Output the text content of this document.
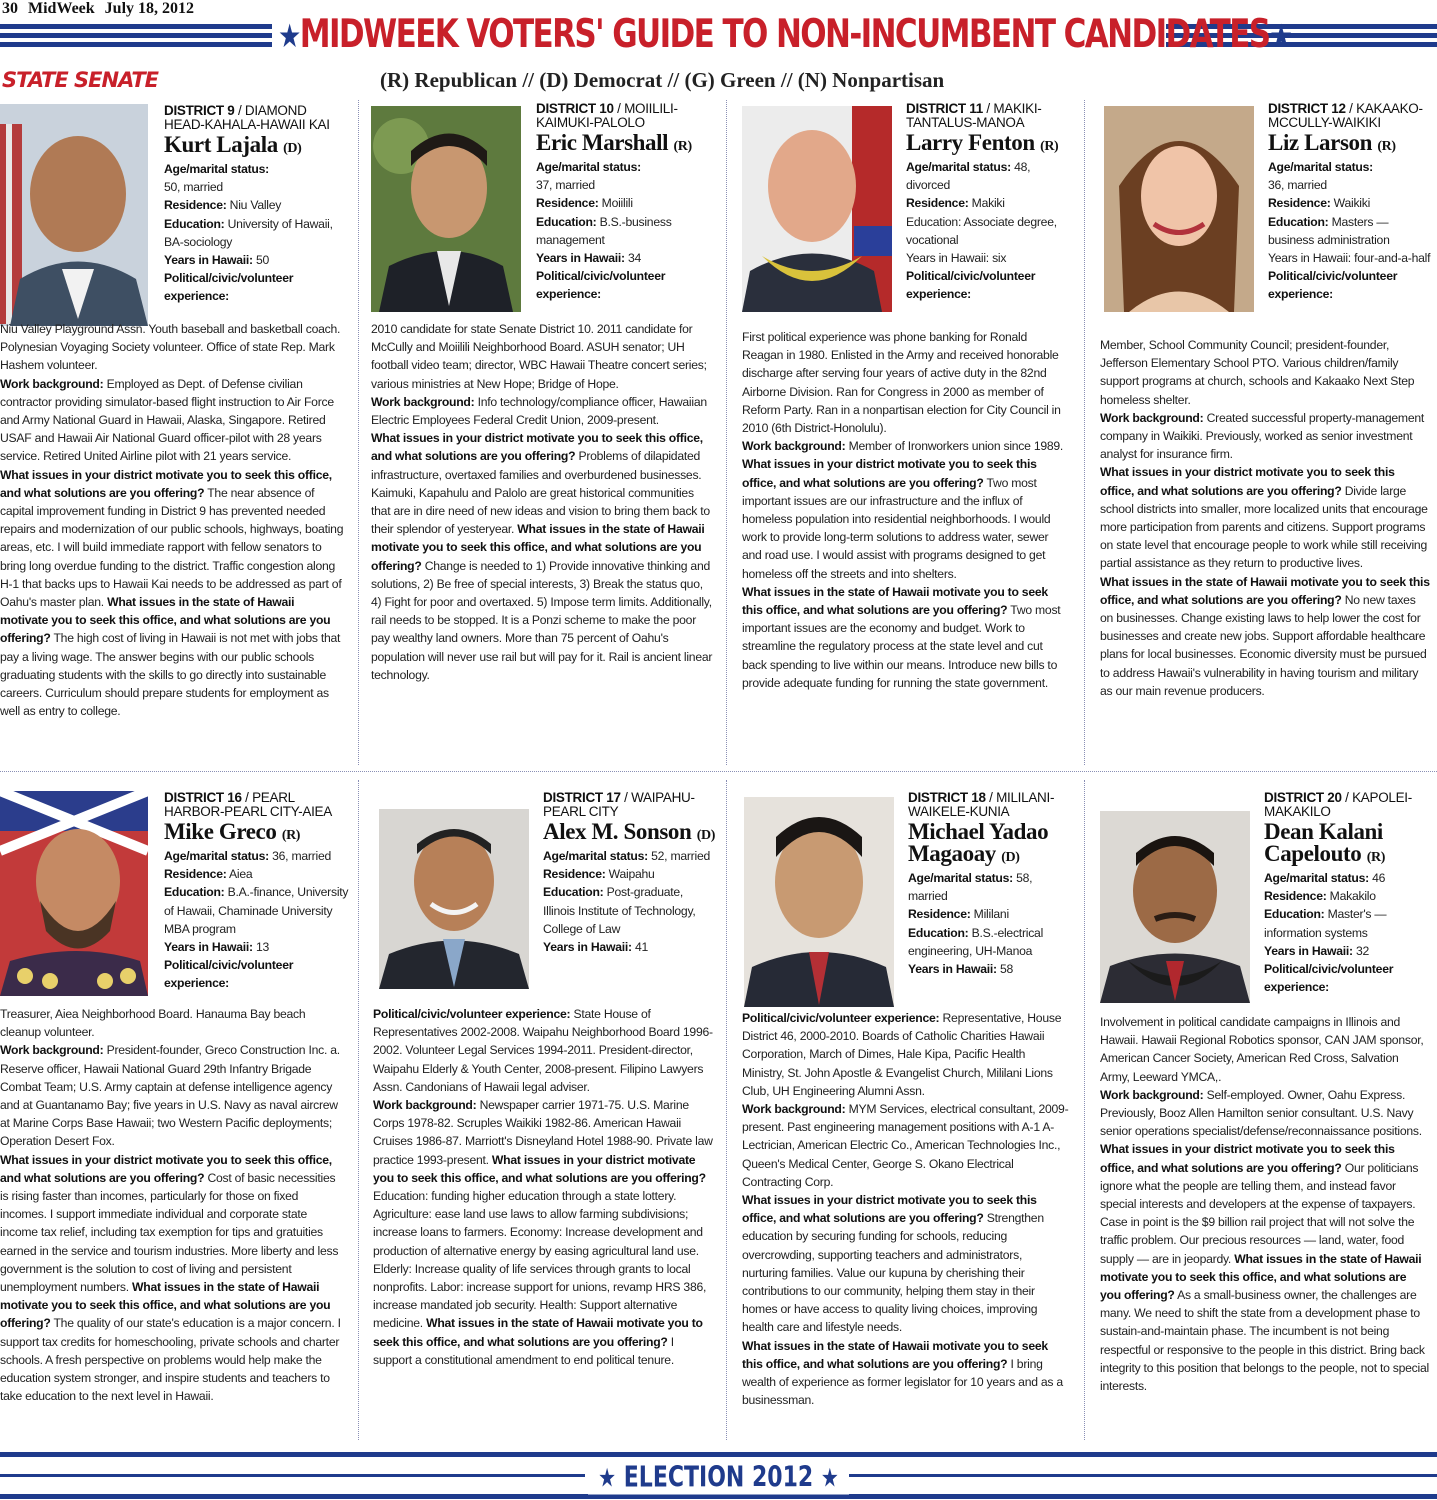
30 MidWeek July 18, 2012
★MIDWEEK VOTERS' GUIDE TO NON-INCUMBENT CANDIDATES★
STATE SENATE	(R) Republican // (D) Democrat // (G) Green // (N) Nonpartisan
DISTRICT 9 / DIAMOND HEAD-KAHALA-HAWAII KAI
Kurt Lajala (D)
Age/marital status:
50, married
Residence: Niu Valley
Education: University of Hawaii, BA-sociology
Years in Hawaii: 50
Political/civic/volunteer experience:
Niu Valley Playground Assn. Youth baseball and basketball coach. Polynesian Voyaging Society volunteer. Office of state Rep. Mark Hashem volunteer.
Work background: Employed as Dept. of Defense civilian contractor providing simulator-based flight instruction to Air Force and Army National Guard in Hawaii, Alaska, Singapore. Retired USAF and Hawaii Air National Guard officer-pilot with 28 years service. Retired United Airline pilot with 21 years service.
What issues in your district motivate you to seek this office, and what solutions are you offering? The near absence of capital improvement funding in District 9 has prevented needed repairs and modernization of our public schools, highways, boating areas, etc. I will build immediate rapport with fellow senators to bring long overdue funding to the district. Traffic congestion along H-1 that backs ups to Hawaii Kai needs to be addressed as part of Oahu's master plan. What issues in the state of Hawaii motivate you to seek this office, and what solutions are you offering? The high cost of living in Hawaii is not met with jobs that pay a living wage. The answer begins with our public schools graduating students with the skills to go directly into sustainable careers. Curriculum should prepare students for employment as well as entry to college.
DISTRICT 10 / MOIILILI-KAIMUKI-PALOLO
Eric Marshall (R)
Age/marital status:
37, married
Residence: Moiilili
Education: B.S.-business management
Years in Hawaii: 34
Political/civic/volunteer experience:
2010 candidate for state Senate District 10. 2011 candidate for McCully and Moiilili Neighborhood Board. ASUH senator; UH football video team; director, WBC Hawaii Theatre concert series; various ministries at New Hope; Bridge of Hope.
Work background: Info technology/compliance officer, Hawaiian Electric Employees Federal Credit Union, 2009-present.
What issues in your district motivate you to seek this office, and what solutions are you offering? Problems of dilapidated infrastructure, overtaxed families and overburdened businesses. Kaimuki, Kapahulu and Palolo are great historical communities that are in dire need of new ideas and vision to bring them back to their splendor of yesteryear. What issues in the state of Hawaii motivate you to seek this office, and what solutions are you offering? Change is needed to 1) Provide innovative thinking and solutions, 2) Be free of special interests, 3) Break the status quo, 4) Fight for poor and overtaxed. 5) Impose term limits. Additionally, rail needs to be stopped. It is a Ponzi scheme to make the poor pay wealthy land owners. More than 75 percent of Oahu's population will never use rail but will pay for it. Rail is ancient linear technology.
DISTRICT 11 / MAKIKI-TANTALUS-MANOA
Larry Fenton (R)
Age/marital status: 48, divorced
Residence: Makiki
Education: Associate degree, vocational
Years in Hawaii: six
Political/civic/volunteer experience:
First political experience was phone banking for Ronald Reagan in 1980. Enlisted in the Army and received honorable discharge after serving four years of active duty in the 82nd Airborne Division. Ran for Congress in 2000 as member of Reform Party. Ran in a nonpartisan election for City Council in 2010 (6th District-Honolulu).
Work background: Member of Ironworkers union since 1989.
What issues in your district motivate you to seek this office, and what solutions are you offering? Two most important issues are our infrastructure and the influx of homeless population into residential neighborhoods. I would work to provide long-term solutions to address water, sewer and road use. I would assist with programs designed to get homeless off the streets and into shelters.
What issues in the state of Hawaii motivate you to seek this office, and what solutions are you offering? Two most important issues are the economy and budget. Work to streamline the regulatory process at the state level and cut back spending to live within our means. Introduce new bills to provide adequate funding for running the state government.
DISTRICT 12 / KAKAAKO-MCCULLY-WAIKIKI
Liz Larson (R)
Age/marital status:
36, married
Residence: Waikiki
Education: Masters — business administration
Years in Hawaii: four-and-a-half
Political/civic/volunteer experience:
Member, School Community Council; president-founder, Jefferson Elementary School PTO. Various children/family support programs at church, schools and Kakaako Next Step homeless shelter.
Work background: Created successful property-management company in Waikiki. Previously, worked as senior investment analyst for insurance firm.
What issues in your district motivate you to seek this office, and what solutions are you offering? Divide large school districts into smaller, more localized units that encourage more participation from parents and citizens. Support programs on state level that encourage people to work while still receiving partial assistance as they return to productive lives.
What issues in the state of Hawaii motivate you to seek this office, and what solutions are you offering? No new taxes on businesses. Change existing laws to help lower the cost for businesses and create new jobs. Support affordable healthcare plans for local businesses. Economic diversity must be pursued to address Hawaii's vulnerability in having tourism and military as our main revenue producers.
DISTRICT 16 / PEARL HARBOR-PEARL CITY-AIEA
Mike Greco (R)
Age/marital status: 36, married
Residence: Aiea
Education: B.A.-finance, University of Hawaii, Chaminade University MBA program
Years in Hawaii: 13
Political/civic/volunteer experience:
Treasurer, Aiea Neighborhood Board. Hanauma Bay beach cleanup volunteer.
Work background: President-founder, Greco Construction Inc. a. Reserve officer, Hawaii National Guard 29th Infantry Brigade Combat Team; U.S. Army captain at defense intelligence agency and at Guantanamo Bay; five years in U.S. Navy as naval aircrew at Marine Corps Base Hawaii; two Western Pacific deployments; Operation Desert Fox.
What issues in your district motivate you to seek this office, and what solutions are you offering? Cost of basic necessities is rising faster than incomes, particularly for those on fixed incomes. I support immediate individual and corporate state income tax relief, including tax exemption for tips and gratuities earned in the service and tourism industries. More liberty and less government is the solution to cost of living and persistent unemployment numbers. What issues in the state of Hawaii motivate you to seek this office, and what solutions are you offering? The quality of our state's education is a major concern. I support tax credits for homeschooling, private schools and charter schools. A fresh perspective on problems would help make the education system stronger, and inspire students and teachers to take education to the next level in Hawaii.
DISTRICT 17 / WAIPAHU-PEARL CITY
Alex M. Sonson (D)
Age/marital status: 52, married
Residence: Waipahu
Education: Post-graduate, Illinois Institute of Technology, College of Law
Years in Hawaii: 41
Political/civic/volunteer experience: State House of Representatives 2002-2008. Waipahu Neighborhood Board 1996-2002. Volunteer Legal Services 1994-2011. President-director, Waipahu Elderly & Youth Center, 2008-present. Filipino Lawyers Assn. Candonians of Hawaii legal adviser.
Work background: Newspaper carrier 1971-75. U.S. Marine Corps 1978-82. Scruples Waikiki 1982-86. American Hawaii Cruises 1986-87. Marriott's Disneyland Hotel 1988-90. Private law practice 1993-present. What issues in your district motivate you to seek this office, and what solutions are you offering? Education: funding higher education through a state lottery. Agriculture: ease land use laws to allow farming subdivisions; increase loans to farmers. Economy: Increase development and production of alternative energy by easing agricultural land use. Elderly: Increase quality of life services through grants to local nonprofits. Labor: increase support for unions, revamp HRS 386, increase mandated job security. Health: Support alternative medicine. What issues in the state of Hawaii motivate you to seek this office, and what solutions are you offering? I support a constitutional amendment to end political tenure.
DISTRICT 18 / MILILANI-WAIKELE-KUNIA
Michael Yadao Magaoay (D)
Age/marital status: 58, married
Residence: Mililani
Education: B.S.-electrical engineering, UH-Manoa
Years in Hawaii: 58
Political/civic/volunteer experience: Representative, House District 46, 2000-2010. Boards of Catholic Charities Hawaii Corporation, March of Dimes, Hale Kipa, Pacific Health Ministry, St. John Apostle & Evangelist Church, Mililani Lions Club, UH Engineering Alumni Assn.
Work background: MYM Services, electrical consultant, 2009-present. Past engineering management positions with A-1 A-Lectrician, American Electric Co., American Technologies Inc., Queen's Medical Center, George S. Okano Electrical Contracting Corp.
What issues in your district motivate you to seek this office, and what solutions are you offering? Strengthen education by securing funding for schools, reducing overcrowding, supporting teachers and administrators, nurturing families. Value our kupuna by cherishing their contributions to our community, helping them stay in their homes or have access to quality living choices, improving health care and lifestyle needs.
What issues in the state of Hawaii motivate you to seek this office, and what solutions are you offering? I bring wealth of experience as former legislator for 10 years and as a businessman.
DISTRICT 20 / KAPOLEI-MAKAKILO
Dean Kalani Capelouto (R)
Age/marital status: 46
Residence: Makakilo
Education: Master's — information systems
Years in Hawaii: 32
Political/civic/volunteer experience:
Involvement in political candidate campaigns in Illinois and Hawaii. Hawaii Regional Robotics sponsor, CAN JAM sponsor, American Cancer Society, American Red Cross, Salvation Army, Leeward YMCA,.
Work background: Self-employed. Owner, Oahu Express. Previously, Booz Allen Hamilton senior consultant. U.S. Navy senior operations specialist/defense/reconnaissance positions.
What issues in your district motivate you to seek this office, and what solutions are you offering? Our politicians ignore what the people are telling them, and instead favor special interests and developers at the expense of taxpayers. Case in point is the $9 billion rail project that will not solve the traffic problem. Our precious resources — land, water, food supply — are in jeopardy. What issues in the state of Hawaii motivate you to seek this office, and what solutions are you offering? As a small-business owner, the challenges are many. We need to shift the state from a development phase to sustain-and-maintain phase. The incumbent is not being respectful or responsive to the people in this district. Bring back integrity to this position that belongs to the people, not to special interests.
★ ELECTION 2012 ★
